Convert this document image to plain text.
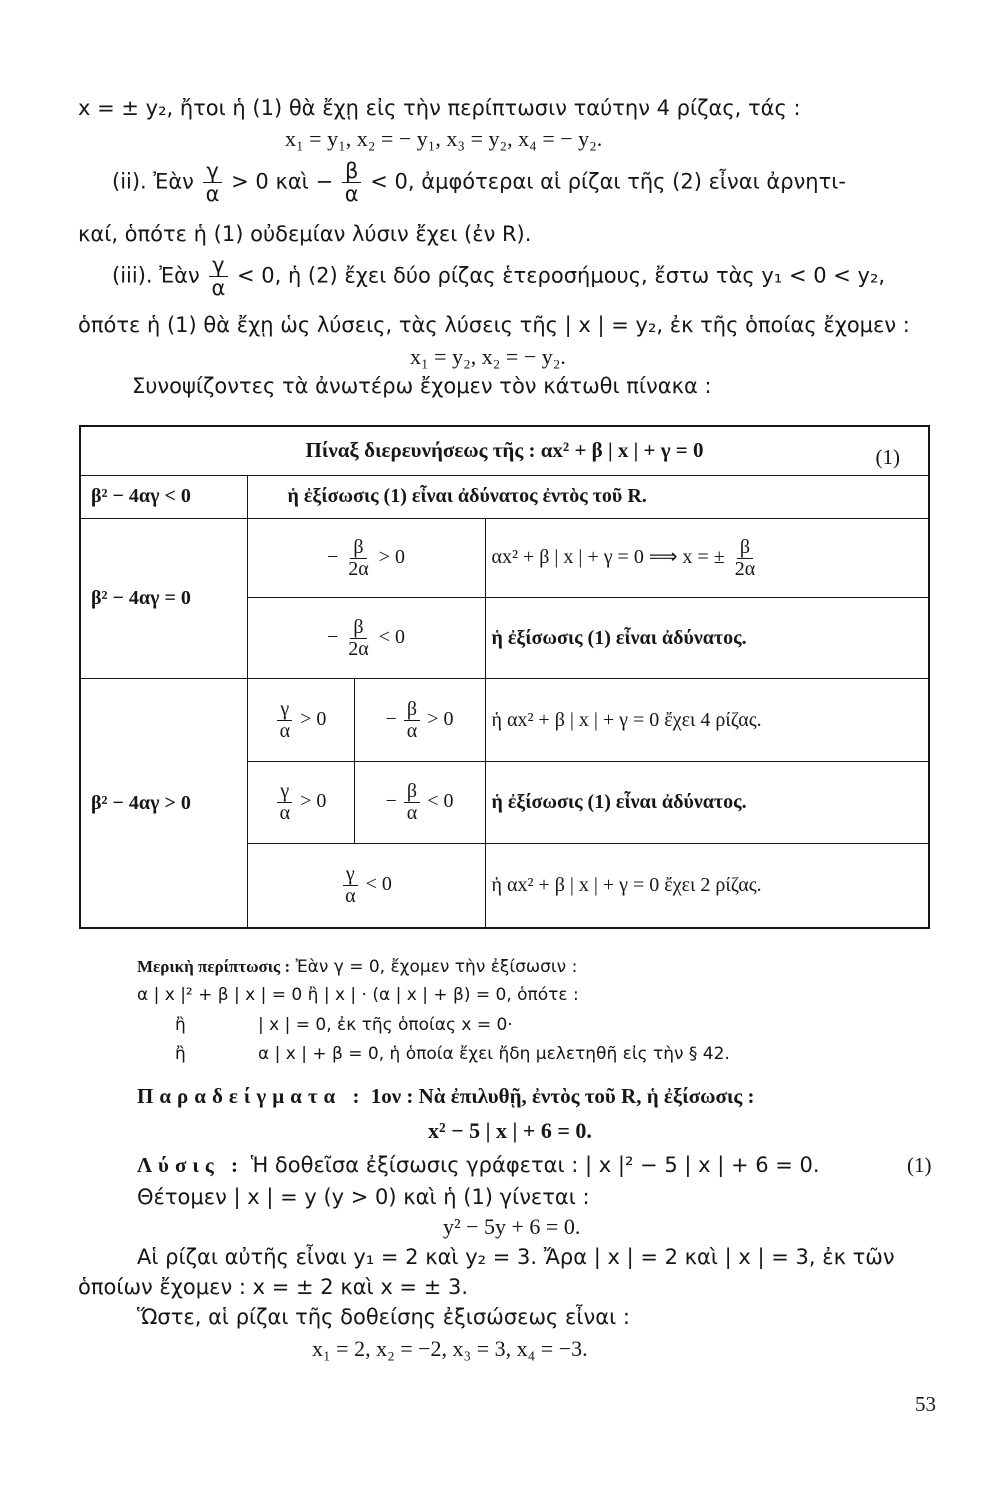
x = ± y₂, ἤτοι ἡ (1) θὰ ἔχῃ εἰς τὴν περίπτωσιν ταύτην 4 ρίζας, τάς :
x₁ = y₁, x₂ = − y₁, x₃ = y₂, x₄ = − y₂.
(ii). Ἐὰν $\frac{\gamma}{\alpha} > 0$ καὶ − $\frac{\beta}{\alpha} < 0$, ἀμφότεραι αἱ ρίζαι τῆς (2) εἶναι ἀρνητι-
καί, ὁπότε ἡ (1) οὐδεμίαν λύσιν ἔχει (ἐν R).
(iii). Ἐὰν $\frac{\gamma}{\alpha} < 0$, ἡ (2) ἔχει δύο ρίζας ἑτεροσήμους, ἔστω τὰς y₁ < 0 < y₂,
ὁπότε ἡ (1) θὰ ἔχῃ ὡς λύσεις, τὰς λύσεις τῆς | x | = y₂, ἐκ τῆς ὁποίας ἔχομεν :
x₁ = y₂, x₂ = − y₂.
Συνοψίζοντες τὰ ἀνωτέρω ἔχομεν τὸν κάτωθι πίνακα :
Πίναξ διερευνήσεως τῆς : αx² + β | x | + γ = 0 (1)			

β² − 4αγ < 0	ἡ ἐξίσωσις (1) εἶναι ἀδύνατος ἐντὸς τοῦ R.		
β² − 4αγ = 0	− $\frac{\beta}{2\alpha} > 0$		αx² + β | x | + γ = 0 ⟹ x = ± $\frac{\beta}{2\alpha}$

	− $\frac{\beta}{2\alpha} < 0$		ἡ ἐξίσωσις (1) εἶναι ἀδύνατος.
β² − 4αγ > 0	$\frac{\gamma}{\alpha} > 0$	− $\frac{\beta}{\alpha} > 0$	ἡ αx² + β | x | + γ = 0 ἔχει 4 ρίζας.

	$\frac{\gamma}{\alpha} > 0$	− $\frac{\beta}{\alpha} < 0$	ἡ ἐξίσωσις (1) εἶναι ἀδύνατος.

	$\frac{\gamma}{\alpha} < 0$		ἡ αx² + β | x | + γ = 0 ἔχει 2 ρίζας.
Μερικὴ περίπτωσις : Ἐὰν γ = 0, ἔχομεν τὴν ἐξίσωσιν :
α | x |² + β | x | = 0 ἢ | x | · (α | x | + β) = 0, ὁπότε :
ἢ	| x | = 0, ἐκ τῆς ὁποίας x = 0·
ἢ	α | x | + β = 0, ἡ ὁποία ἔχει ἤδη μελετηθῆ εἰς τὴν § 42.
Παραδείγματα : 1ον : Νὰ ἐπιλυθῇ, ἐντὸς τοῦ R, ἡ ἐξίσωσις :
x² − 5 | x | + 6 = 0.
Λύσις : Ἡ δοθεῖσα ἐξίσωσις γράφεται : | x |² − 5 | x | + 6 = 0.	(1)
Θέτομεν | x | = y (y > 0) καὶ ἡ (1) γίνεται :
y² − 5y + 6 = 0.
Αἱ ρίζαι αὐτῆς εἶναι y₁ = 2 καὶ y₂ = 3. Ἄρα | x | = 2 καὶ | x | = 3, ἐκ τῶν
ὁποίων ἔχομεν : x = ± 2 καὶ x = ± 3.
Ὥστε, αἱ ρίζαι τῆς δοθείσης ἐξισώσεως εἶναι :
x₁ = 2, x₂ = −2, x₃ = 3, x₄ = −3.
53
